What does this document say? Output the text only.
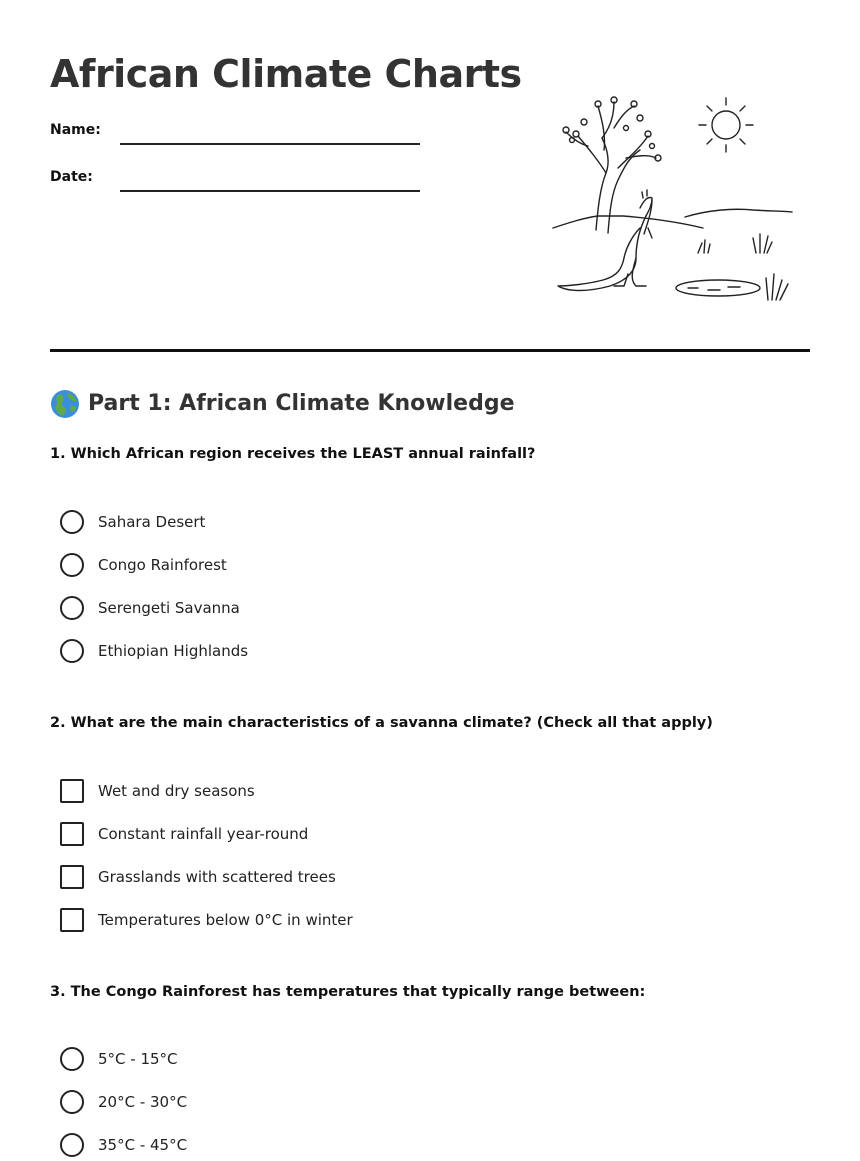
African Climate Charts
Name:
Date:
Part 1: African Climate Knowledge

1. Which African region receives the LEAST annual rainfall?

Sahara Desert
Congo Rainforest
Serengeti Savanna
Ethiopian Highlands

2. What are the main characteristics of a savanna climate? (Check all that apply)

Wet and dry seasons
Constant rainfall year-round
Grasslands with scattered trees
Temperatures below 0°C in winter

3. The Congo Rainforest has temperatures that typically range between:

5°C - 15°C
20°C - 30°C
35°C - 45°C
